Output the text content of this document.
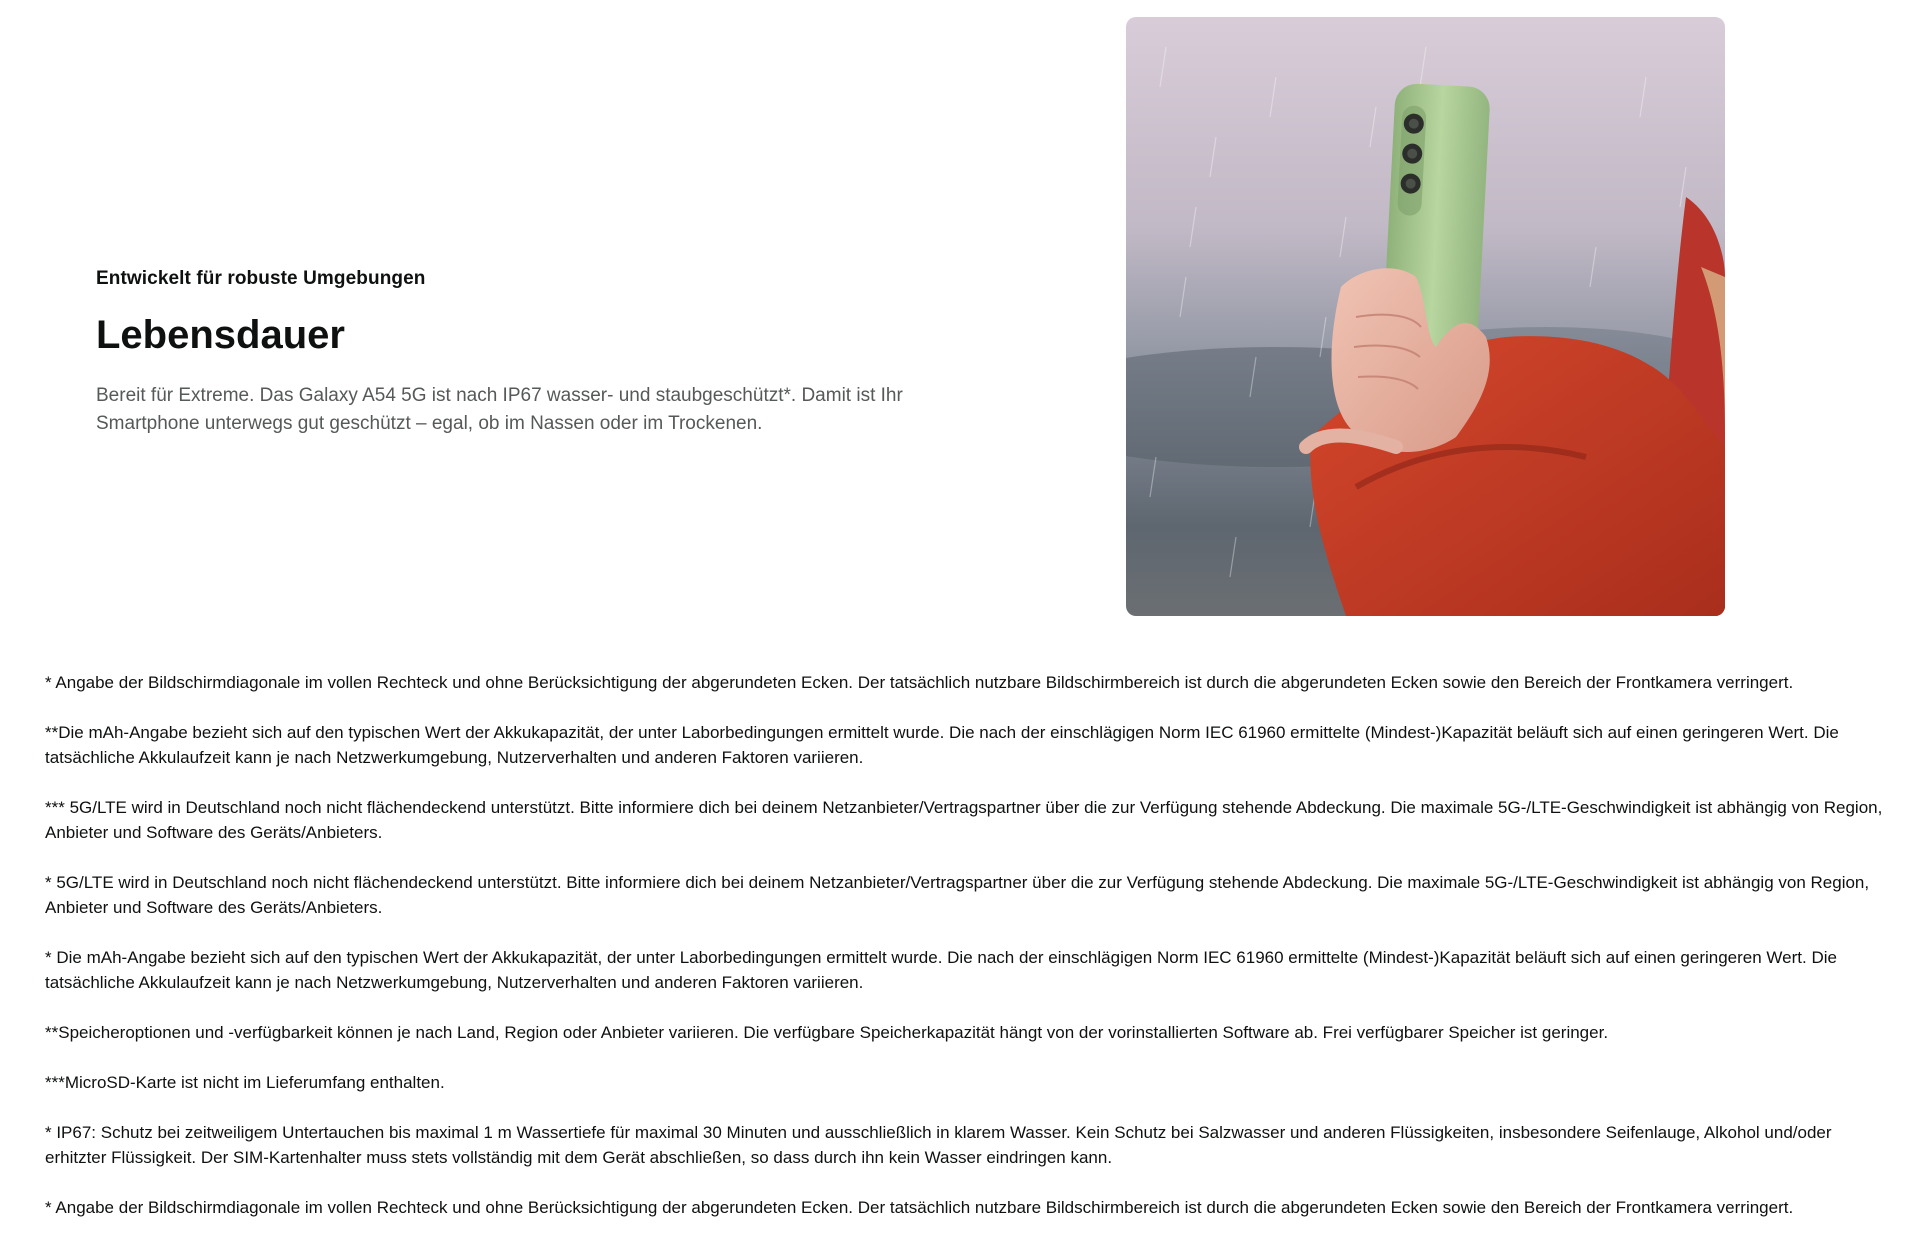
Entwickelt für robuste Umgebungen
Lebensdauer

Bereit für Extreme. Das Galaxy A54 5G ist nach IP67 wasser- und staubgeschützt*. Damit ist Ihr Smartphone unterwegs gut geschützt – egal, ob im Nassen oder im Trockenen.

* Angabe der Bildschirmdiagonale im vollen Rechteck und ohne Berücksichtigung der abgerundeten Ecken. Der tatsächlich nutzbare Bildschirmbereich ist durch die abgerundeten Ecken sowie den Bereich der Frontkamera verringert.

**Die mAh-Angabe bezieht sich auf den typischen Wert der Akkukapazität, der unter Laborbedingungen ermittelt wurde. Die nach der einschlägigen Norm IEC 61960 ermittelte (Mindest-)Kapazität beläuft sich auf einen geringeren Wert. Die tatsächliche Akkulaufzeit kann je nach Netzwerkumgebung, Nutzerverhalten und anderen Faktoren variieren.

*** 5G/LTE wird in Deutschland noch nicht flächendeckend unterstützt. Bitte informiere dich bei deinem Netzanbieter/Vertragspartner über die zur Verfügung stehende Abdeckung. Die maximale 5G-/LTE-Geschwindigkeit ist abhängig von Region, Anbieter und Software des Geräts/Anbieters.

* 5G/LTE wird in Deutschland noch nicht flächendeckend unterstützt. Bitte informiere dich bei deinem Netzanbieter/Vertragspartner über die zur Verfügung stehende Abdeckung. Die maximale 5G-/LTE-Geschwindigkeit ist abhängig von Region, Anbieter und Software des Geräts/Anbieters.

* Die mAh-Angabe bezieht sich auf den typischen Wert der Akkukapazität, der unter Laborbedingungen ermittelt wurde. Die nach der einschlägigen Norm IEC 61960 ermittelte (Mindest-)Kapazität beläuft sich auf einen geringeren Wert. Die tatsächliche Akkulaufzeit kann je nach Netzwerkumgebung, Nutzerverhalten und anderen Faktoren variieren.

**Speicheroptionen und -verfügbarkeit können je nach Land, Region oder Anbieter variieren. Die verfügbare Speicherkapazität hängt von der vorinstallierten Software ab. Frei verfügbarer Speicher ist geringer.

***MicroSD-Karte ist nicht im Lieferumfang enthalten.

* IP67: Schutz bei zeitweiligem Untertauchen bis maximal 1 m Wassertiefe für maximal 30 Minuten und ausschließlich in klarem Wasser. Kein Schutz bei Salzwasser und anderen Flüssigkeiten, insbesondere Seifenlauge, Alkohol und/oder erhitzter Flüssigkeit. Der SIM-Kartenhalter muss stets vollständig mit dem Gerät abschließen, so dass durch ihn kein Wasser eindringen kann.

* Angabe der Bildschirmdiagonale im vollen Rechteck und ohne Berücksichtigung der abgerundeten Ecken. Der tatsächlich nutzbare Bildschirmbereich ist durch die abgerundeten Ecken sowie den Bereich der Frontkamera verringert.
